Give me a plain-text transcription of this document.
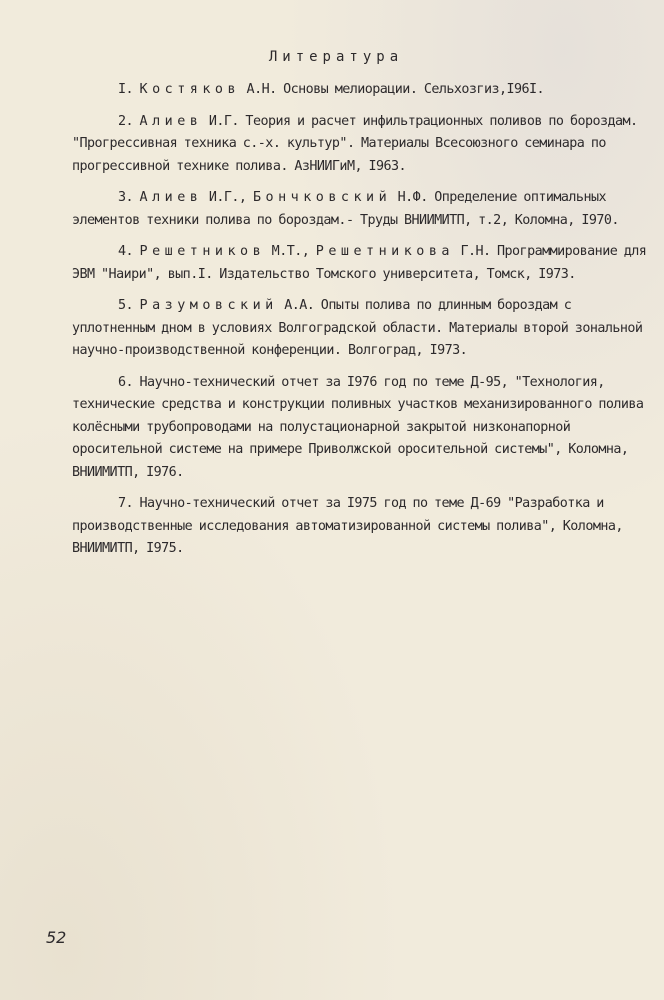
Литература
I. Костяков А.Н. Основы мелиорации. Сельхозгиз,I96I.
2. Алиев И.Г. Теория и расчет инфильтрационных поливов по бороздам. "Прогрессивная техника с.-х. культур". Материалы Всесоюзного семинара по прогрессивной технике полива. АзНИИГиМ, I963.
3. Алиев И.Г., Бончковский Н.Ф. Определение оптимальных элементов техники полива по бороздам.- Труды ВНИИМИТП, т.2, Коломна, I970.
4. Решетников М.Т., Решетникова Г.Н. Программирование для ЭВМ "Наири", вып.I. Издательство Томского университета, Томск, I973.
5. Разумовский А.А. Опыты полива по длинным бороздам с уплотненным дном в условиях Волгоградской области. Материалы второй зональной научно-производственной конференции. Волгоград, I973.
6. Научно-технический отчет за I976 год по теме Д-95, "Технология, технические средства и конструкции поливных участков механизированного полива колёсными трубопроводами на полустационарной закрытой низконапорной оросительной системе на примере Приволжской оросительной системы", Коломна, ВНИИМИТП, I976.
7. Научно-технический отчет за I975 год по теме Д-69 "Разработка и производственные исследования автоматизированной системы полива", Коломна, ВНИИМИТП, I975.
52
